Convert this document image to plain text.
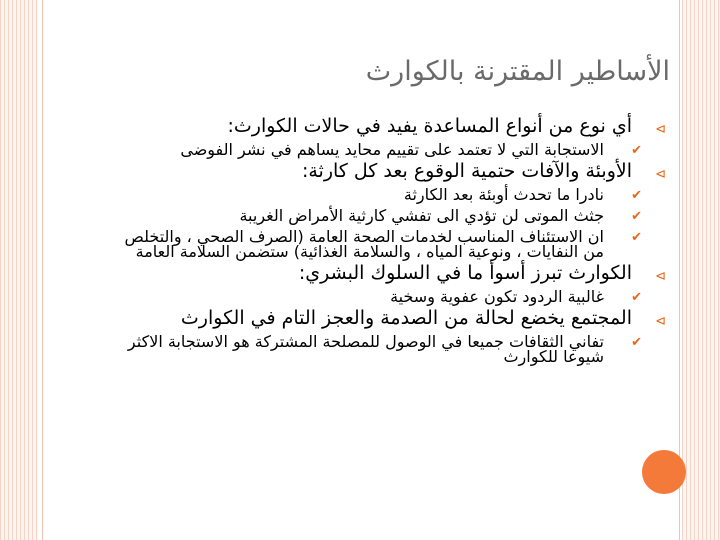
الأساطير المقترنة بالكوارث
⊳
أي نوع من أنواع المساعدة يفيد في حالات الكوارث:
✔
الاستجابة التي لا تعتمد على تقييم محايد يساهم في نشر الفوضى
⊳
الأوبئة والآفات حتمية الوقوع بعد كل كارثة:
✔
نادرا ما تحدث أوبئة بعد الكارثة
✔
جثث الموتى لن تؤدي الى تفشي كارثية الأمراض الغريبة
✔
ان الاستئناف المناسب لخدمات الصحة العامة (الصرف الصحي ، والتخلص من النفايات ، ونوعية المياه ، والسلامة الغذائية) ستضمن السلامة العامة
⊳
الكوارث تبرز أسوأ ما في السلوك البشري:
✔
غالبية الردود تكون عفوية وسخية
⊳
المجتمع يخضع لحالة من الصدمة والعجز التام في الكوارث
✔
تفاني الثقافات جميعا في الوصول للمصلحة المشتركة هو الاستجابة الاكثر شيوعا للكوارث
